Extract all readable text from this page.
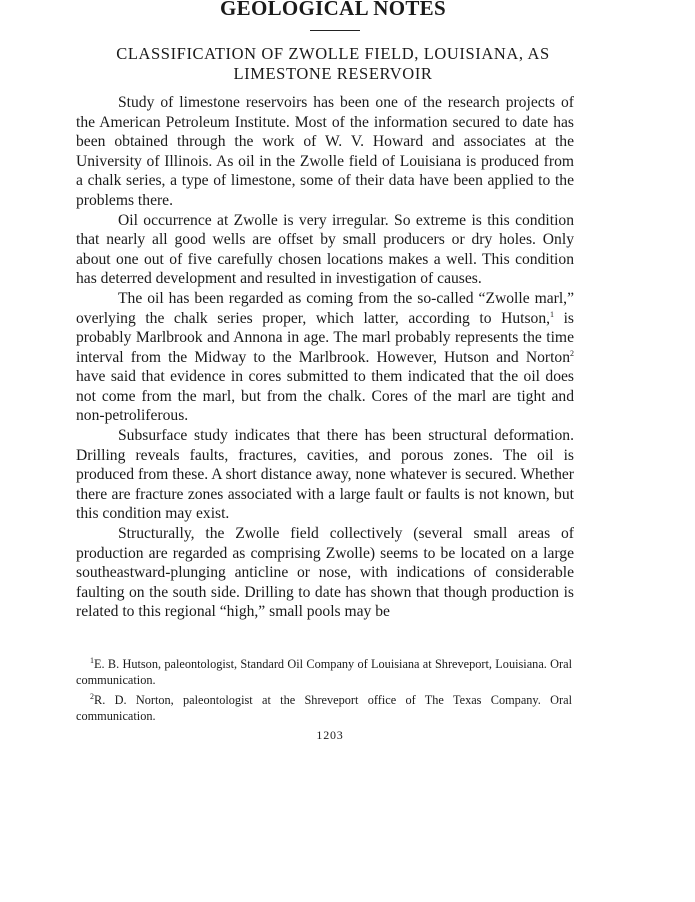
GEOLOGICAL NOTES
CLASSIFICATION OF ZWOLLE FIELD, LOUISIANA, AS
LIMESTONE RESERVOIR

Study of limestone reservoirs has been one of the research projects of the American Petroleum Institute. Most of the information secured to date has been obtained through the work of W. V. Howard and associates at the University of Illinois. As oil in the Zwolle field of Louisiana is produced from a chalk series, a type of limestone, some of their data have been applied to the problems there.

Oil occurrence at Zwolle is very irregular. So extreme is this condition that nearly all good wells are offset by small producers or dry holes. Only about one out of five carefully chosen locations makes a well. This condition has deterred development and resulted in investigation of causes.

The oil has been regarded as coming from the so-called “Zwolle marl,” overlying the chalk series proper, which latter, according to Hutson,$^1$ is probably Marlbrook and Annona in age. The marl probably represents the time interval from the Midway to the Marlbrook. However, Hutson and Norton$^2$ have said that evidence in cores submitted to them indicated that the oil does not come from the marl, but from the chalk. Cores of the marl are tight and non-petroliferous.

Subsurface study indicates that there has been structural deformation. Drilling reveals faults, fractures, cavities, and porous zones. The oil is produced from these. A short distance away, none whatever is secured. Whether there are fracture zones associated with a large fault or faults is not known, but this condition may exist.

Structurally, the Zwolle field collectively (several small areas of production are regarded as comprising Zwolle) seems to be located on a large southeastward-plunging anticline or nose, with indications of considerable faulting on the south side. Drilling to date has shown that though production is related to this regional “high,” small pools may be

$^1$E. B. Hutson, paleontologist, Standard Oil Company of Louisiana at Shreveport, Louisiana. Oral communication.

$^2$R. D. Norton, paleontologist at the Shreveport office of The Texas Company. Oral communication.

1203
